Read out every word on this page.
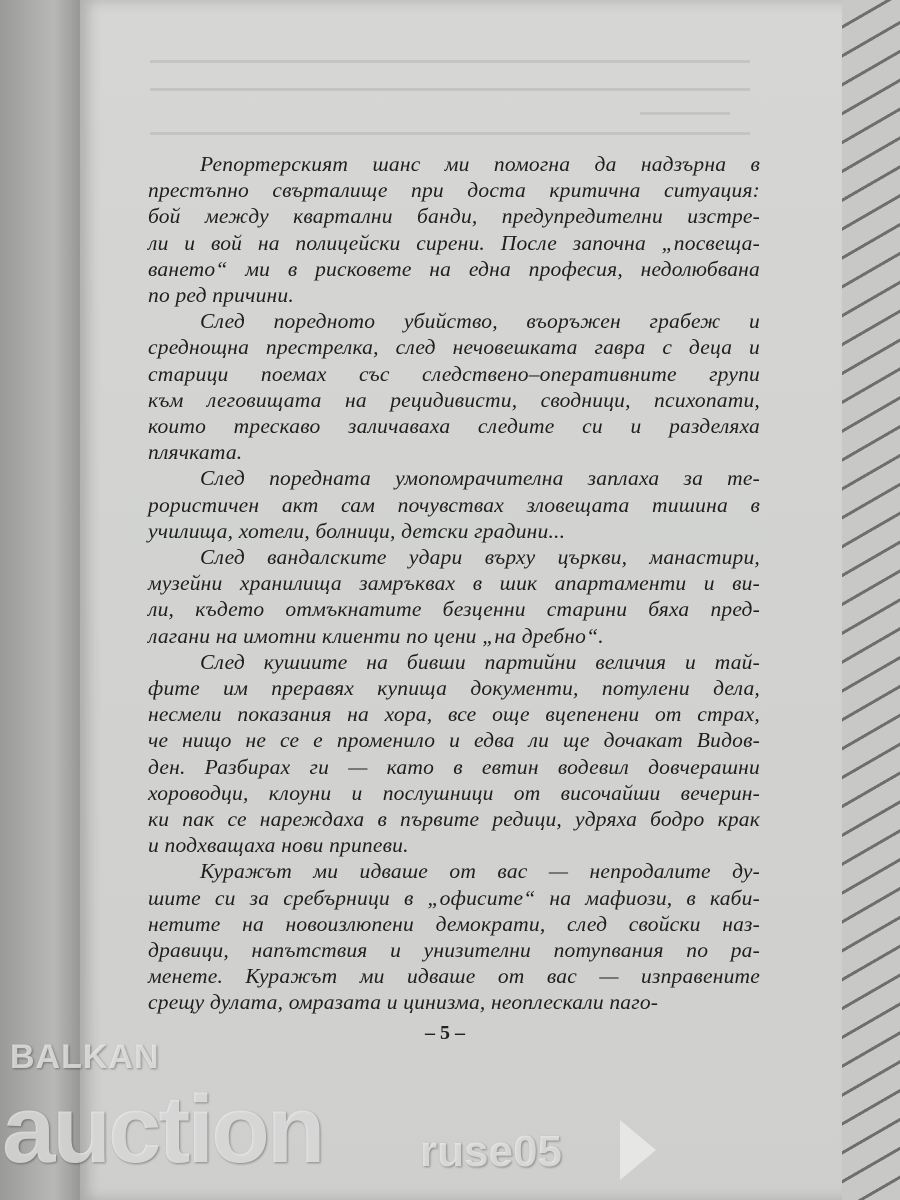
Репортерският шанс ми помогна да надзърна в
престъпно свърталище при доста критична ситуация:
бой между квартални банди, предупредителни изстре-
ли и вой на полицейски сирени. После започна „посвеща-
ването“ ми в рисковете на една професия, недолюбвана
по ред причини.
След поредното убийство, въоръжен грабеж и
среднощна престрелка, след нечовешката гавра с деца и
старици поемах със следствено–оперативните групи
към леговищата на рецидивисти, сводници, психопати,
които трескаво заличаваха следите си и разделяха
плячката.
След поредната умопомрачителна заплаха за те-
рористичен акт сам почувствах зловещата тишина в
училища, хотели, болници, детски градини...
След вандалските удари върху църкви, манастири,
музейни хранилища замръквах в шик апартаменти и ви-
ли, където отмъкнатите безценни старини бяха пред-
лагани на имотни клиенти по цени „на дребно“.
След кушиите на бивши партийни величия и тай-
фите им преравях купища документи, потулени дела,
несмели показания на хора, все още вцепенени от страх,
че нищо не се е променило и едва ли ще дочакат Видов-
ден. Разбирах ги — като в евтин водевил довчерашни
хороводци, клоуни и послушници от височайши вечерин-
ки пак се нареждаха в първите редици, удряха бодро крак
и подхващаха нови припеви.
Куражът ми идваше от вас — непродалите ду-
шите си за сребърници в „офисите“ на мафиози, в каби-
нетите на новоизлюпени демократи, след свойски наз-
дравици, напътствия и унизителни потупвания по ра-
менете. Куражът ми идваше от вас — изправените
срещу дулата, омразата и цинизма, неоплескали паго-
– 5 –
BALKAN
auction ruse05
